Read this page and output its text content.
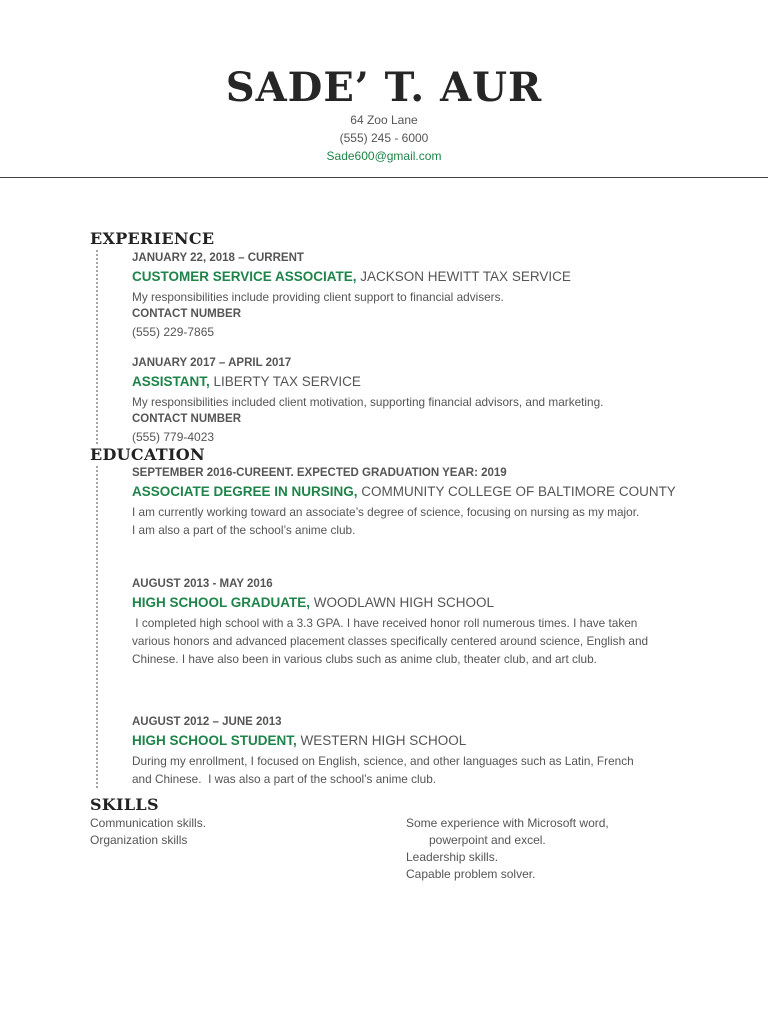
SADE’ T. AUR
64 Zoo Lane
(555) 245 - 6000
Sade600@gmail.com
EXPERIENCE
JANUARY 22, 2018 – CURRENT
CUSTOMER SERVICE ASSOCIATE, JACKSON HEWITT TAX SERVICE
My responsibilities include providing client support to financial advisers.
CONTACT NUMBER
(555) 229-7865
JANUARY 2017 – APRIL 2017
ASSISTANT, LIBERTY TAX SERVICE
My responsibilities included client motivation, supporting financial advisors, and marketing.
CONTACT NUMBER
(555) 779-4023
EDUCATION
SEPTEMBER 2016-CUREENT. EXPECTED GRADUATION YEAR: 2019
ASSOCIATE DEGREE IN NURSING, COMMUNITY COLLEGE OF BALTIMORE COUNTY
I am currently working toward an associate’s degree of science, focusing on nursing as my major.
I am also a part of the school’s anime club.
AUGUST 2013 - MAY 2016
HIGH SCHOOL GRADUATE, WOODLAWN HIGH SCHOOL
I completed high school with a 3.3 GPA. I have received honor roll numerous times. I have taken
various honors and advanced placement classes specifically centered around science, English and
Chinese. I have also been in various clubs such as anime club, theater club, and art club.
AUGUST 2012 – JUNE 2013
HIGH SCHOOL STUDENT, WESTERN HIGH SCHOOL
During my enrollment, I focused on English, science, and other languages such as Latin, French
and Chinese.  I was also a part of the school’s anime club.
SKILLS
Communication skills.
Organization skills
Some experience with Microsoft word,
powerpoint and excel.
Leadership skills.
Capable problem solver.
